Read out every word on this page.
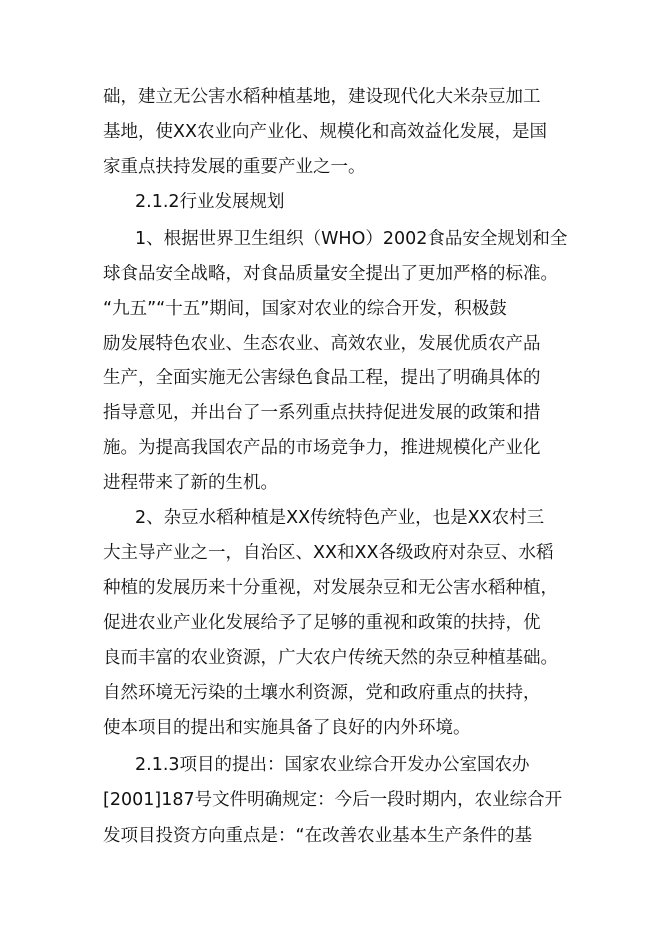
础，建立无公害水稻种植基地，建设现代化大米杂豆加工
基地，使XX农业向产业化、规模化和高效益化发展，是国
家重点扶持发展的重要产业之一。
2.1.2行业发展规划
1、根据世界卫生组织（WHO）2002食品安全规划和全
球食品安全战略，对食品质量安全提出了更加严格的标准。
“九五”“十五”期间，国家对农业的综合开发，积极鼓
励发展特色农业、生态农业、高效农业，发展优质农产品
生产，全面实施无公害绿色食品工程，提出了明确具体的
指导意见，并出台了一系列重点扶持促进发展的政策和措
施。为提高我国农产品的市场竞争力，推进规模化产业化
进程带来了新的生机。
2、杂豆水稻种植是XX传统特色产业，也是XX农村三
大主导产业之一，自治区、XX和XX各级政府对杂豆、水稻
种植的发展历来十分重视，对发展杂豆和无公害水稻种植，
促进农业产业化发展给予了足够的重视和政策的扶持，优
良而丰富的农业资源，广大农户传统天然的杂豆种植基础。
自然环境无污染的土壤水利资源，党和政府重点的扶持，
使本项目的提出和实施具备了良好的内外环境。
2.1.3项目的提出：国家农业综合开发办公室国农办
[2001]187号文件明确规定：今后一段时期内，农业综合开
发项目投资方向重点是：“在改善农业基本生产条件的基
